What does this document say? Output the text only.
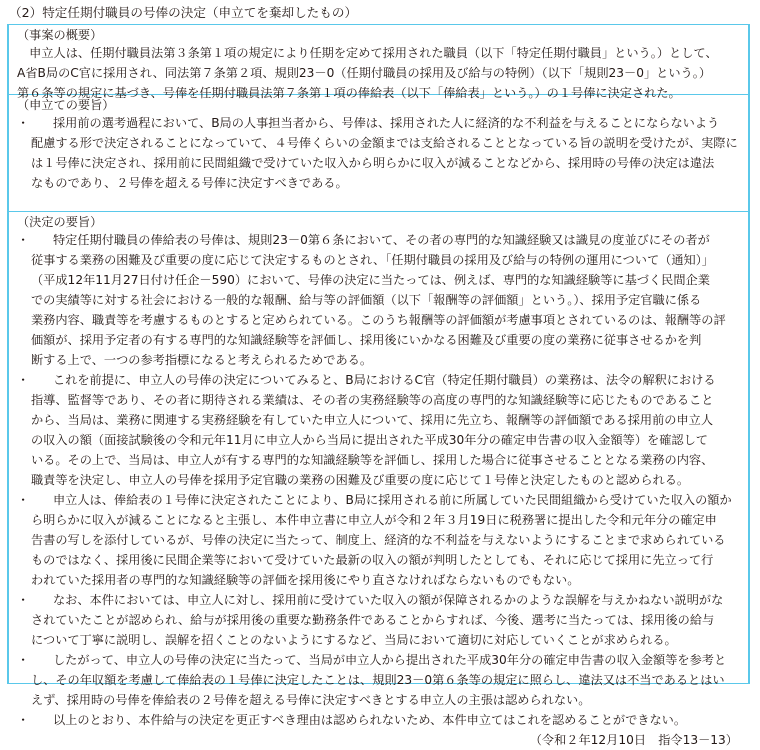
（2）特定任期付職員の号俸の決定（申立てを棄却したもの）
（事案の概要）
　申立人は、任期付職員法第３条第１項の規定により任期を定めて採用された職員（以下「特定任期付職員」という。）として、
A省B局のC官に採用され、同法第７条第２項、規則23－0（任期付職員の採用及び給与の特例）（以下「規則23－0」という。）
第６条等の規定に基づき、号俸を任期付職員法第７条第１項の俸給表（以下「俸給表」という。）の１号俸に決定された。
（申立ての要旨）
・	採用前の選考過程において、B局の人事担当者から、号俸は、採用された人に経済的な不利益を与えることにならないよう
配慮する形で決定されることになっていて、４号俸くらいの金額までは支給されることとなっている旨の説明を受けたが、実際に
は１号俸に決定され、採用前に民間組織で受けていた収入から明らかに収入が減ることなどから、採用時の号俸の決定は違法
なものであり、２号俸を超える号俸に決定すべきである。
（決定の要旨）
・	特定任期付職員の俸給表の号俸は、規則23－0第６条において、その者の専門的な知識経験又は識見の度並びにその者が
従事する業務の困難及び重要の度に応じて決定するものとされ、「任期付職員の採用及び給与の特例の運用について（通知）」
（平成12年11月27日付け任企－590）において、号俸の決定に当たっては、例えば、専門的な知識経験等に基づく民間企業
での実績等に対する社会における一般的な報酬、給与等の評価額（以下「報酬等の評価額」という。）、採用予定官職に係る
業務内容、職責等を考慮するものとすると定められている。このうち報酬等の評価額が考慮事項とされているのは、報酬等の評
価額が、採用予定者の有する専門的な知識経験等を評価し、採用後にいかなる困難及び重要の度の業務に従事させるかを判
断する上で、一つの参考指標になると考えられるためである。
・	これを前提に、申立人の号俸の決定についてみると、B局におけるC官（特定任期付職員）の業務は、法令の解釈における
指導、監督等であり、その者に期待される業績は、その者の実務経験等の高度の専門的な知識経験等に応じたものであること
から、当局は、業務に関連する実務経験を有していた申立人について、採用に先立ち、報酬等の評価額である採用前の申立人
の収入の額（面接試験後の令和元年11月に申立人から当局に提出された平成30年分の確定申告書の収入金額等）を確認して
いる。その上で、当局は、申立人が有する専門的な知識経験等を評価し、採用した場合に従事させることとなる業務の内容、
職責等を決定し、申立人の号俸を採用予定官職の業務の困難及び重要の度に応じて１号俸と決定したものと認められる。
・	申立人は、俸給表の１号俸に決定されたことにより、B局に採用される前に所属していた民間組織から受けていた収入の額か
ら明らかに収入が減ることになると主張し、本件申立書に申立人が令和２年３月19日に税務署に提出した令和元年分の確定申
告書の写しを添付しているが、号俸の決定に当たって、制度上、経済的な不利益を与えないようにすることまで求められている
ものではなく、採用後に民間企業等において受けていた最新の収入の額が判明したとしても、それに応じて採用に先立って行
われていた採用者の専門的な知識経験等の評価を採用後にやり直さなければならないものでもない。
・	なお、本件においては、申立人に対し、採用前に受けていた収入の額が保障されるかのような誤解を与えかねない説明がな
されていたことが認められ、給与が採用後の重要な勤務条件であることからすれば、今後、選考に当たっては、採用後の給与
について丁寧に説明し、誤解を招くことのないようにするなど、当局において適切に対応していくことが求められる。
・	したがって、申立人の号俸の決定に当たって、当局が申立人から提出された平成30年分の確定申告書の収入金額等を参考と
し、その年収額を考慮して俸給表の１号俸に決定したことは、規則23－0第６条等の規定に照らし、違法又は不当であるとはい
えず、採用時の号俸を俸給表の２号俸を超える号俸に決定すべきとする申立人の主張は認められない。
・	以上のとおり、本件給与の決定を更正すべき理由は認められないため、本件申立てはこれを認めることができない。
（令和２年12月10日　指令13－13）
